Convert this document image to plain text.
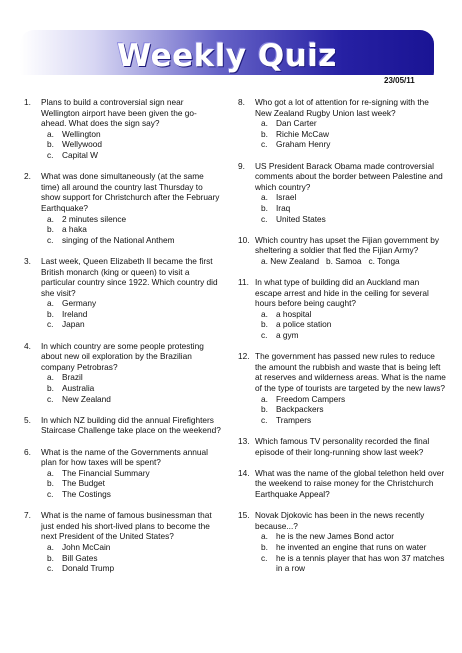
Weekly Quiz
23/05/11
1. Plans to build a controversial sign near Wellington airport have been given the go-ahead. What does the sign say?
a. Wellington
b. Wellywood
c. Capital W
2. What was done simultaneously (at the same time) all around the country last Thursday to show support for Christchurch after the February Earthquake?
a. 2 minutes silence
b. a haka
c. singing of the National Anthem
3. Last week, Queen Elizabeth II became the first British monarch (king or queen) to visit a particular country since 1922. Which country did she visit?
a. Germany
b. Ireland
c. Japan
4. In which country are some people protesting about new oil exploration by the Brazilian company Petrobras?
a. Brazil
b. Australia
c. New Zealand
5. In which NZ building did the annual Firefighters Staircase Challenge take place on the weekend?
6. What is the name of the Governments annual plan for how taxes will be spent?
a. The Financial Summary
b. The Budget
c. The Costings
7. What is the name of famous businessman that just ended his short-lived plans to become the next President of the United States?
a. John McCain
b. Bill Gates
c. Donald Trump
8. Who got a lot of attention for re-signing with the New Zealand Rugby Union last week?
a. Dan Carter
b. Richie McCaw
c. Graham Henry
9. US President Barack Obama made controversial comments about the border between Palestine and which country?
a. Israel
b. Iraq
c. United States
10. Which country has upset the Fijian government by sheltering a soldier that fled the Fijian Army?
a. New Zealand   b. Samoa   c. Tonga
11. In what type of building did an Auckland man escape arrest and hide in the ceiling for several hours before being caught?
a. a hospital
b. a police station
c. a gym
12. The government has passed new rules to reduce the amount the rubbish and waste that is being left at reserves and wilderness areas. What is the name of the type of tourists are targeted by the new laws?
a. Freedom Campers
b. Backpackers
c. Trampers
13. Which famous TV personality recorded the final episode of their long-running show last week?
14. What was the name of the global telethon held over the weekend to raise money for the Christchurch Earthquake Appeal?
15. Novak Djokovic has been in the news recently because...?
a. he is the new James Bond actor
b. he invented an engine that runs on water
c. he is a tennis player that has won 37 matches in a row
